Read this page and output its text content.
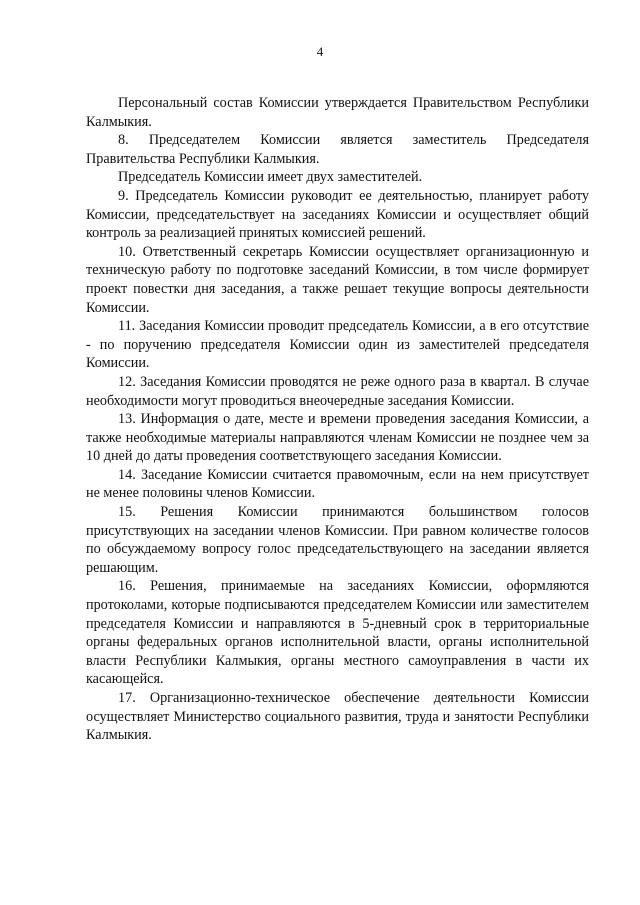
4

Персональный состав Комиссии утверждается Правительством Республики Калмыкия.

8. Председателем Комиссии является заместитель Председателя Правительства Республики Калмыкия.

Председатель Комиссии имеет двух заместителей.

9. Председатель Комиссии руководит ее деятельностью, планирует работу Комиссии, председательствует на заседаниях Комиссии и осуществляет общий контроль за реализацией принятых комиссией решений.

10. Ответственный секретарь Комиссии осуществляет организационную и техническую работу по подготовке заседаний Комиссии, в том числе формирует проект повестки дня заседания, а также решает текущие вопросы деятельности Комиссии.

11. Заседания Комиссии проводит председатель Комиссии, а в его отсутствие - по поручению председателя Комиссии один из заместителей председателя Комиссии.

12. Заседания Комиссии проводятся не реже одного раза в квартал. В случае необходимости могут проводиться внеочередные заседания Комиссии.

13. Информация о дате, месте и времени проведения заседания Комиссии, а также необходимые материалы направляются членам Комиссии не позднее чем за 10 дней до даты проведения соответствующего заседания Комиссии.

14. Заседание Комиссии считается правомочным, если на нем присутствует не менее половины членов Комиссии.

15. Решения Комиссии принимаются большинством голосов присутствующих на заседании членов Комиссии. При равном количестве голосов по обсуждаемому вопросу голос председательствующего на заседании является решающим.

16. Решения, принимаемые на заседаниях Комиссии, оформляются протоколами, которые подписываются председателем Комиссии или заместителем председателя Комиссии и направляются в 5-дневный срок в территориальные органы федеральных органов исполнительной власти, органы исполнительной власти Республики Калмыкия, органы местного самоуправления в части их касающейся.

17. Организационно-техническое обеспечение деятельности Комиссии осуществляет Министерство социального развития, труда и занятости Республики Калмыкия.
